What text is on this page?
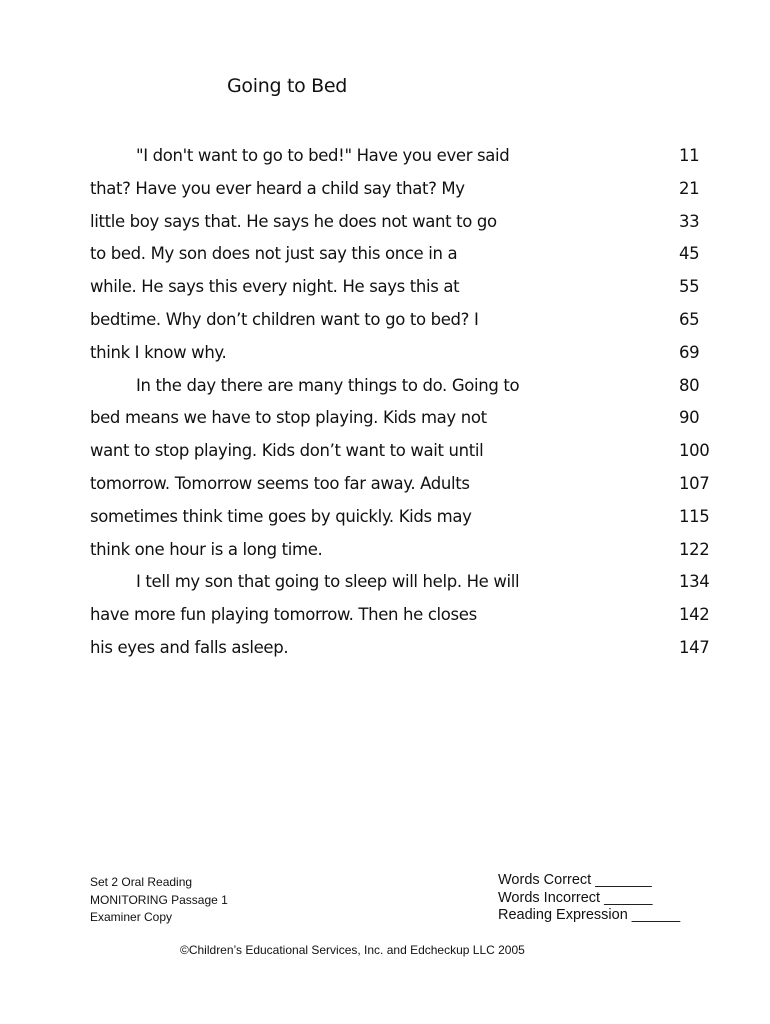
Going to Bed
"I don't want to go to bed!" Have you ever said	11
that? Have you ever heard a child say that? My	21
little boy says that. He says he does not want to go	33
to bed. My son does not just say this once in a	45
while. He says this every night. He says this at	55
bedtime. Why don’t children want to go to bed? I	65
think I know why.	69
In the day there are many things to do. Going to	80
bed means we have to stop playing. Kids may not	90
want to stop playing. Kids don’t want to wait until	100
tomorrow. Tomorrow seems too far away. Adults	107
sometimes think time goes by quickly. Kids may	115
think one hour is a long time.	122
I tell my son that going to sleep will help. He will	134
have more fun playing tomorrow. Then he closes	142
his eyes and falls asleep.	147
Set 2 Oral Reading
MONITORING Passage 1
Examiner Copy
Words Correct _______
Words Incorrect ______
Reading Expression ______
©Children’s Educational Services, Inc. and Edcheckup LLC 2005
